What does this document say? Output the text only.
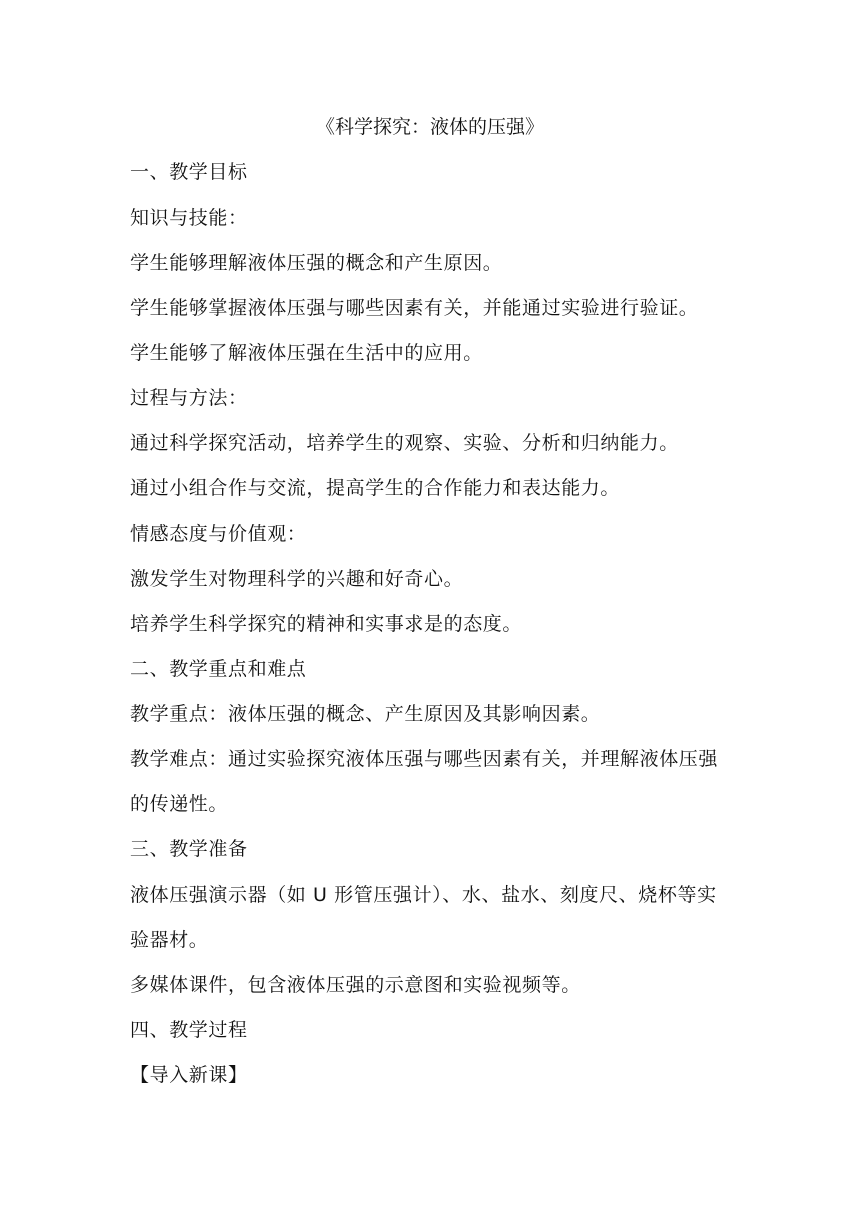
《科学探究：液体的压强》
一、教学目标
知识与技能：
学生能够理解液体压强的概念和产生原因。
学生能够掌握液体压强与哪些因素有关，并能通过实验进行验证。
学生能够了解液体压强在生活中的应用。
过程与方法：
通过科学探究活动，培养学生的观察、实验、分析和归纳能力。
通过小组合作与交流，提高学生的合作能力和表达能力。
情感态度与价值观：
激发学生对物理科学的兴趣和好奇心。
培养学生科学探究的精神和实事求是的态度。
二、教学重点和难点
教学重点：液体压强的概念、产生原因及其影响因素。
教学难点：通过实验探究液体压强与哪些因素有关，并理解液体压强
的传递性。
三、教学准备
液体压强演示器（如 U 形管压强计）、水、盐水、刻度尺、烧杯等实
验器材。
多媒体课件，包含液体压强的示意图和实验视频等。
四、教学过程
【导入新课】
